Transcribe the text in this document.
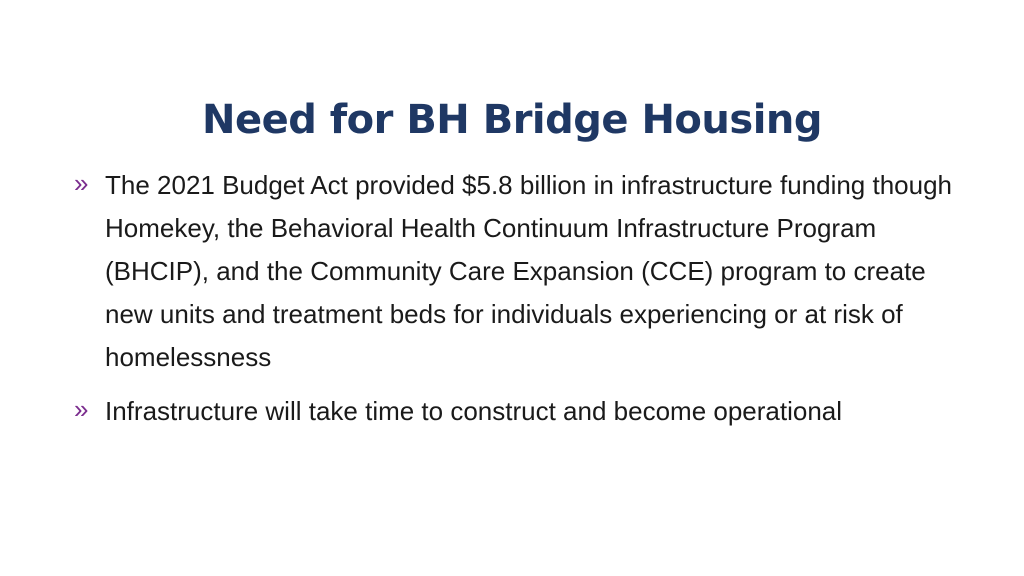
Need for BH Bridge Housing
» The 2021 Budget Act provided $5.8 billion in infrastructure funding though Homekey, the Behavioral Health Continuum Infrastructure Program (BHCIP), and the Community Care Expansion (CCE) program to create new units and treatment beds for individuals experiencing or at risk of homelessness
» Infrastructure will take time to construct and become operational
